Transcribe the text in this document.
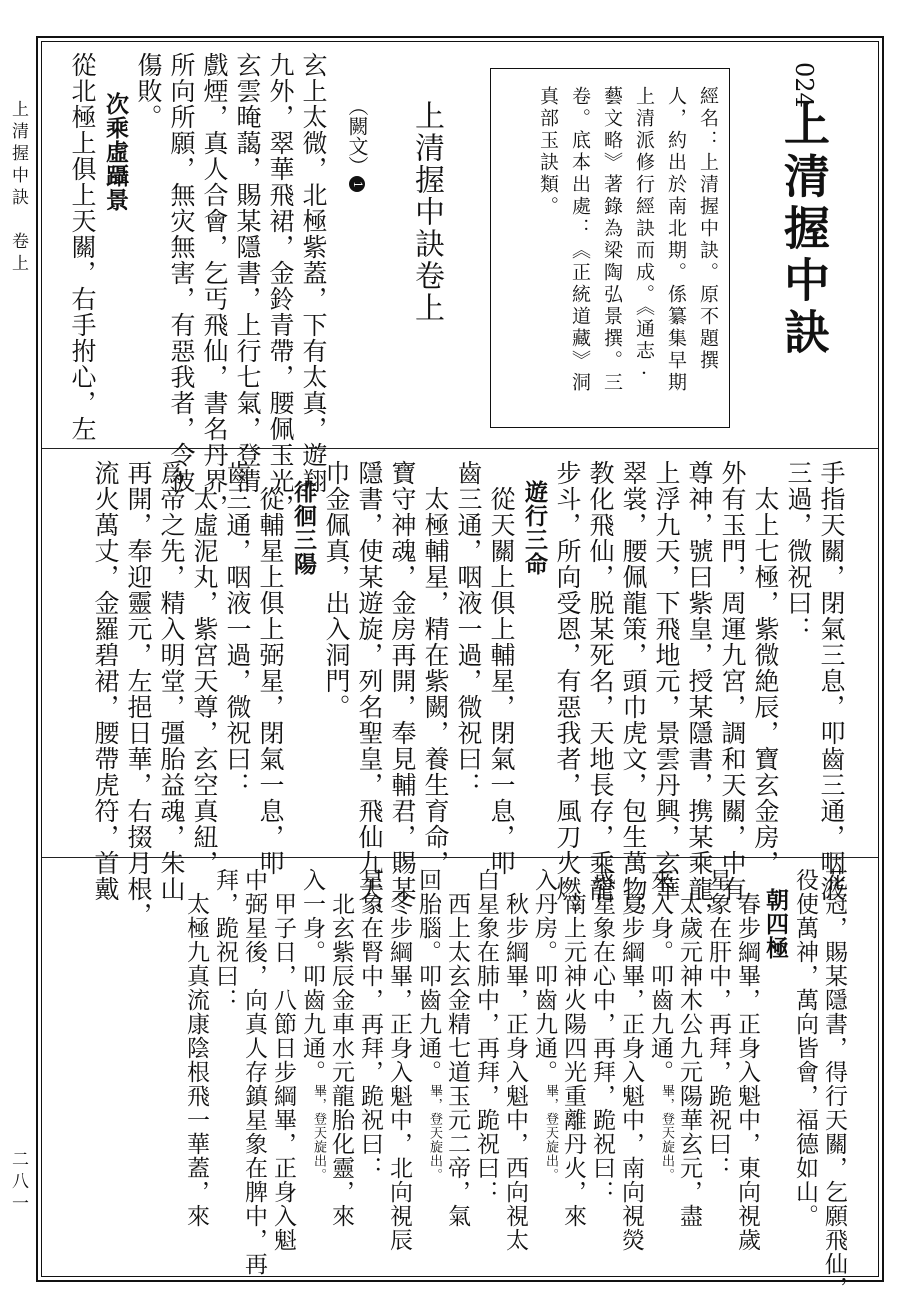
上清握中訣　卷上
二八一
024
上清握中訣
經名：上清握中訣。原不題撰
人，約出於南北期。係纂集早期
上清派修行經訣而成。《通志·
藝文略》著錄為梁陶弘景撰。三
卷。底本出處：《正統道藏》洞
真部玉訣類。
上清握中訣卷上
（闕文）1
玄上太微，北極紫蓋，下有太真，遊翔
九外，翠華飛裙，金鈴青帶，腰佩玉光，
玄雲晻藹，賜某隱書，上行七氣，登清
戲煙，真人合會，乞丐飛仙，書名丹界，
所向所願，無灾無害，有惡我者，令彼
傷敗。
次乘虛躡景
從北極上俱上天關，右手拊心，左
手指天關，閉氣三息，叩齒三通，咽液
三過，微祝曰：
　太上七極，紫微絶辰，寶玄金房，
外有玉門，周運九宮，調和天關，中有
尊神，號曰紫皇，授某隱書，携某乘龍，
上浮九天，下飛地元，景雲丹興，玄華
翠裳，腰佩龍策，頭巾虎文，包生萬物，
教化飛仙，脱某死名，天地長存，乘龍
步斗，所向受恩，有惡我者，風刀火燃。
遊行三命
　從天關上俱上輔星，閉氣一息，叩
齒三通，咽液一過，微祝曰：
　太極輔星，精在紫闕，養生育命，
寶守神魂，金房再開，奉見輔君，賜某
隱書，使某遊旋，列名聖皇，飛仙九天，
巾金佩真，出入洞門。
徘徊三陽
　從輔星上俱上弼星，閉氣一息，叩
齒三通，咽液一過，微祝曰：
　太虛泥丸，紫宮天尊，玄空真紐，
爲帝之先，精入明堂，彊胎益魂，朱山
再開，奉迎靈元，左挹日華，右掇月根，
流火萬丈，金羅碧裙，腰帶虎符，首戴
花冠，賜某隱書，得行天關，乞願飛仙，
役使萬神，萬向皆會，福德如山。
朝四極
　春步綱畢，正身入魁中，東向視歲
星象在肝中，再拜，跪祝曰：
　太歲元神木公九元陽華玄元，盡
來入身。叩齒九通。畢，登天旋出。
　夏步綱畢，正身入魁中，南向視熒
惑星象在心中，再拜，跪祝曰：
　南上元神火陽四光重離丹火，來
入丹房。叩齒九通。畢，登天旋出。
　秋步綱畢，正身入魁中，西向視太
白星象在肺中，再拜，跪祝曰：
　西上太玄金精七道玉元二帝，氣
回胎腦。叩齒九通。畢，登天旋出。
　冬步綱畢，正身入魁中，北向視辰
星象在腎中，再拜，跪祝曰：
　北玄紫辰金車水元龍胎化靈，來
入一身。叩齒九通。畢，登天旋出。
　甲子日，八節日步綱畢，正身入魁
中弼星後，向真人存鎮星象在脾中，再
拜，跪祝曰：
　太極九真流康陰根飛一華蓋，來
